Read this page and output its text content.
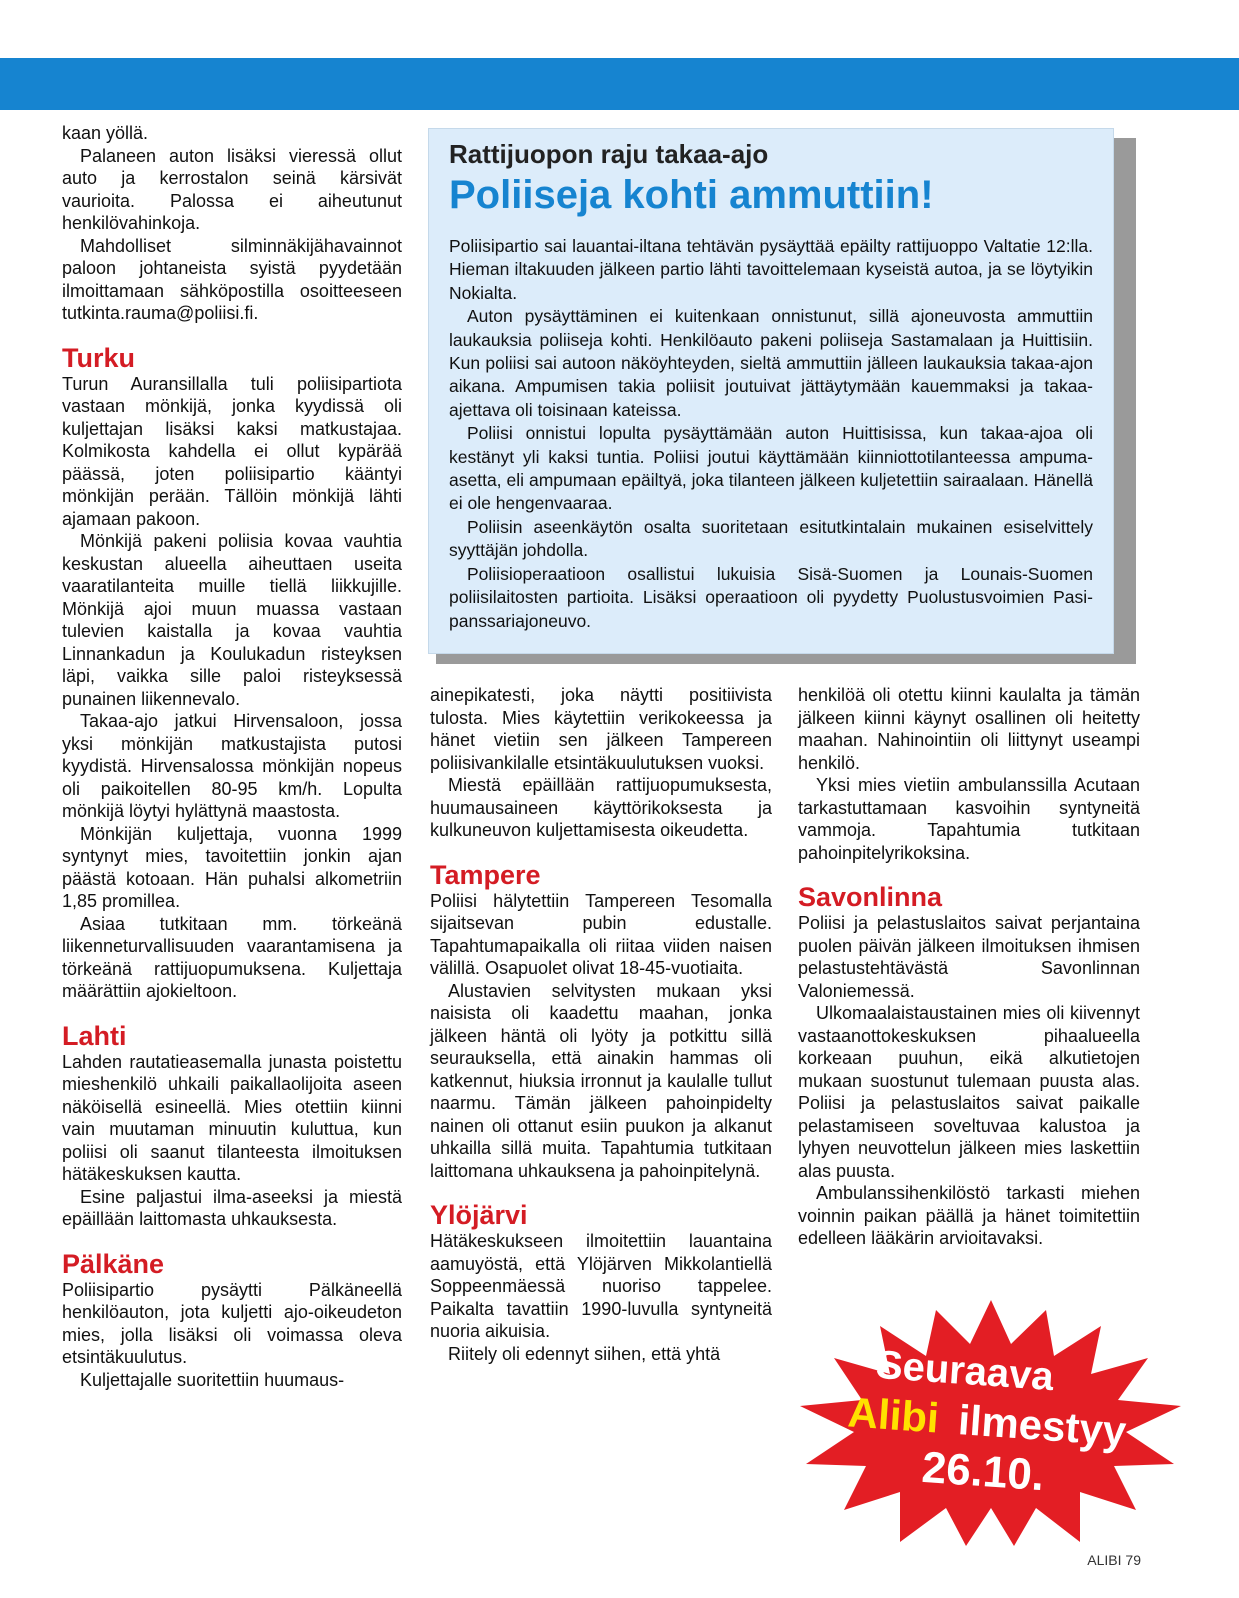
kaan yöllä.

Palaneen auton lisäksi vieressä ollut auto ja kerrostalon seinä kärsivät vaurioita. Palossa ei aiheutunut henkilövahinkoja.

Mahdolliset silminnäkijähavainnot paloon johtaneista syistä pyydetään ilmoittamaan sähköpostilla osoitteeseen tutkinta.rauma@poliisi.fi.

Turku

Turun Auransillalla tuli poliisipartiota vastaan mönkijä, jonka kyydissä oli kuljettajan lisäksi kaksi matkustajaa. Kolmikosta kahdella ei ollut kypärää päässä, joten poliisipartio kääntyi mönkijän perään. Tällöin mönkijä lähti ajamaan pakoon.

Mönkijä pakeni poliisia kovaa vauhtia keskustan alueella aiheuttaen useita vaaratilanteita muille tiellä liikkujille. Mönkijä ajoi muun muassa vastaan tulevien kaistalla ja kovaa vauhtia Linnankadun ja Koulukadun risteyksen läpi, vaikka sille paloi risteyksessä punainen liikennevalo.

Takaa-ajo jatkui Hirvensaloon, jossa yksi mönkijän matkustajista putosi kyydistä. Hirvensalossa mönkijän nopeus oli paikoitellen 80-95 km/h. Lopulta mönkijä löytyi hylättynä maastosta.

Mönkijän kuljettaja, vuonna 1999 syntynyt mies, tavoitettiin jonkin ajan päästä kotoaan. Hän puhalsi alkometriin 1,85 promillea.

Asiaa tutkitaan mm. törkeänä liikenneturvallisuuden vaarantamisena ja törkeänä rattijuopumuksena. Kuljettaja määrättiin ajokieltoon.

Lahti

Lahden rautatieasemalla junasta poistettu mieshenkilö uhkaili paikallaolijoita aseen näköisellä esineellä. Mies otettiin kiinni vain muutaman minuutin kuluttua, kun poliisi oli saanut tilanteesta ilmoituksen hätäkeskuksen kautta.

Esine paljastui ilma-aseeksi ja miestä epäillään laittomasta uhkauksesta.

Pälkäne

Poliisipartio pysäytti Pälkäneellä henkilöauton, jota kuljetti ajo-oikeudeton mies, jolla lisäksi oli voimassa oleva etsintäkuulutus.

Kuljettajalle suoritettiin huumaus-

Rattijuopon raju takaa-ajo
Poliiseja kohti ammuttiin!

Poliisipartio sai lauantai-iltana tehtävän pysäyttää epäilty rattijuoppo Valtatie 12:lla. Hieman iltakuuden jälkeen partio lähti tavoittelemaan kyseistä autoa, ja se löytyikin Nokialta.

Auton pysäyttäminen ei kuitenkaan onnistunut, sillä ajoneuvosta ammuttiin laukauksia poliiseja kohti. Henkilöauto pakeni poliiseja Sastamalaan ja Huittisiin. Kun poliisi sai autoon näköyhteyden, sieltä ammuttiin jälleen laukauksia takaa-ajon aikana. Ampumisen takia poliisit joutuivat jättäytymään kauemmaksi ja takaa-ajettava oli toisinaan kateissa.

Poliisi onnistui lopulta pysäyttämään auton Huittisissa, kun takaa-ajoa oli kestänyt yli kaksi tuntia. Poliisi joutui käyttämään kiinniottotilanteessa ampuma-asetta, eli ampumaan epäiltyä, joka tilanteen jälkeen kuljetettiin sairaalaan. Hänellä ei ole hengenvaaraa.

Poliisin aseenkäytön osalta suoritetaan esitutkintalain mukainen esiselvittely syyttäjän johdolla.

Poliisioperaatioon osallistui lukuisia Sisä-Suomen ja Lounais-Suomen poliisilaitosten partioita. Lisäksi operaatioon oli pyydetty Puolustusvoimien Pasi-panssariajoneuvo.

ainepikatesti, joka näytti positiivista tulosta. Mies käytettiin verikokeessa ja hänet vietiin sen jälkeen Tampereen poliisivankilalle etsintäkuulutuksen vuoksi.

Miestä epäillään rattijuopumuksesta, huumausaineen käyttörikoksesta ja kulkuneuvon kuljettamisesta oikeudetta.

Tampere

Poliisi hälytettiin Tampereen Tesomalla sijaitsevan pubin edustalle. Tapahtumapaikalla oli riitaa viiden naisen välillä. Osapuolet olivat 18-45-vuotiaita.

Alustavien selvitysten mukaan yksi naisista oli kaadettu maahan, jonka jälkeen häntä oli lyöty ja potkittu sillä seurauksella, että ainakin hammas oli katkennut, hiuksia irronnut ja kaulalle tullut naarmu. Tämän jälkeen pahoinpidelty nainen oli ottanut esiin puukon ja alkanut uhkailla sillä muita. Tapahtumia tutkitaan laittomana uhkauksena ja pahoinpitelynä.

Ylöjärvi

Hätäkeskukseen ilmoitettiin lauantaina aamuyöstä, että Ylöjärven Mikkolantiellä Soppeenmäessä nuoriso tappelee. Paikalta tavattiin 1990-luvulla syntyneitä nuoria aikuisia.

Riitely oli edennyt siihen, että yhtä

henkilöä oli otettu kiinni kaulalta ja tämän jälkeen kiinni käynyt osallinen oli heitetty maahan. Nahinointiin oli liittynyt useampi henkilö.

Yksi mies vietiin ambulanssilla Acutaan tarkastuttamaan kasvoihin syntyneitä vammoja. Tapahtumia tutkitaan pahoinpitelyrikoksina.

Savonlinna

Poliisi ja pelastuslaitos saivat perjantaina puolen päivän jälkeen ilmoituksen ihmisen pelastustehtävästä Savonlinnan Valoniemessä.

Ulkomaalaistaustainen mies oli kiivennyt vastaanottokeskuksen pihaalueella korkeaan puuhun, eikä alkutietojen mukaan suostunut tulemaan puusta alas. Poliisi ja pelastuslaitos saivat paikalle pelastamiseen soveltuvaa kalustoa ja lyhyen neuvottelun jälkeen mies laskettiin alas puusta.

Ambulanssihenkilöstö tarkasti miehen voinnin paikan päällä ja hänet toimitettiin edelleen lääkärin arvioitavaksi.

Seuraava
Alibi ilmestyy
26.10.
ALIBI 79
